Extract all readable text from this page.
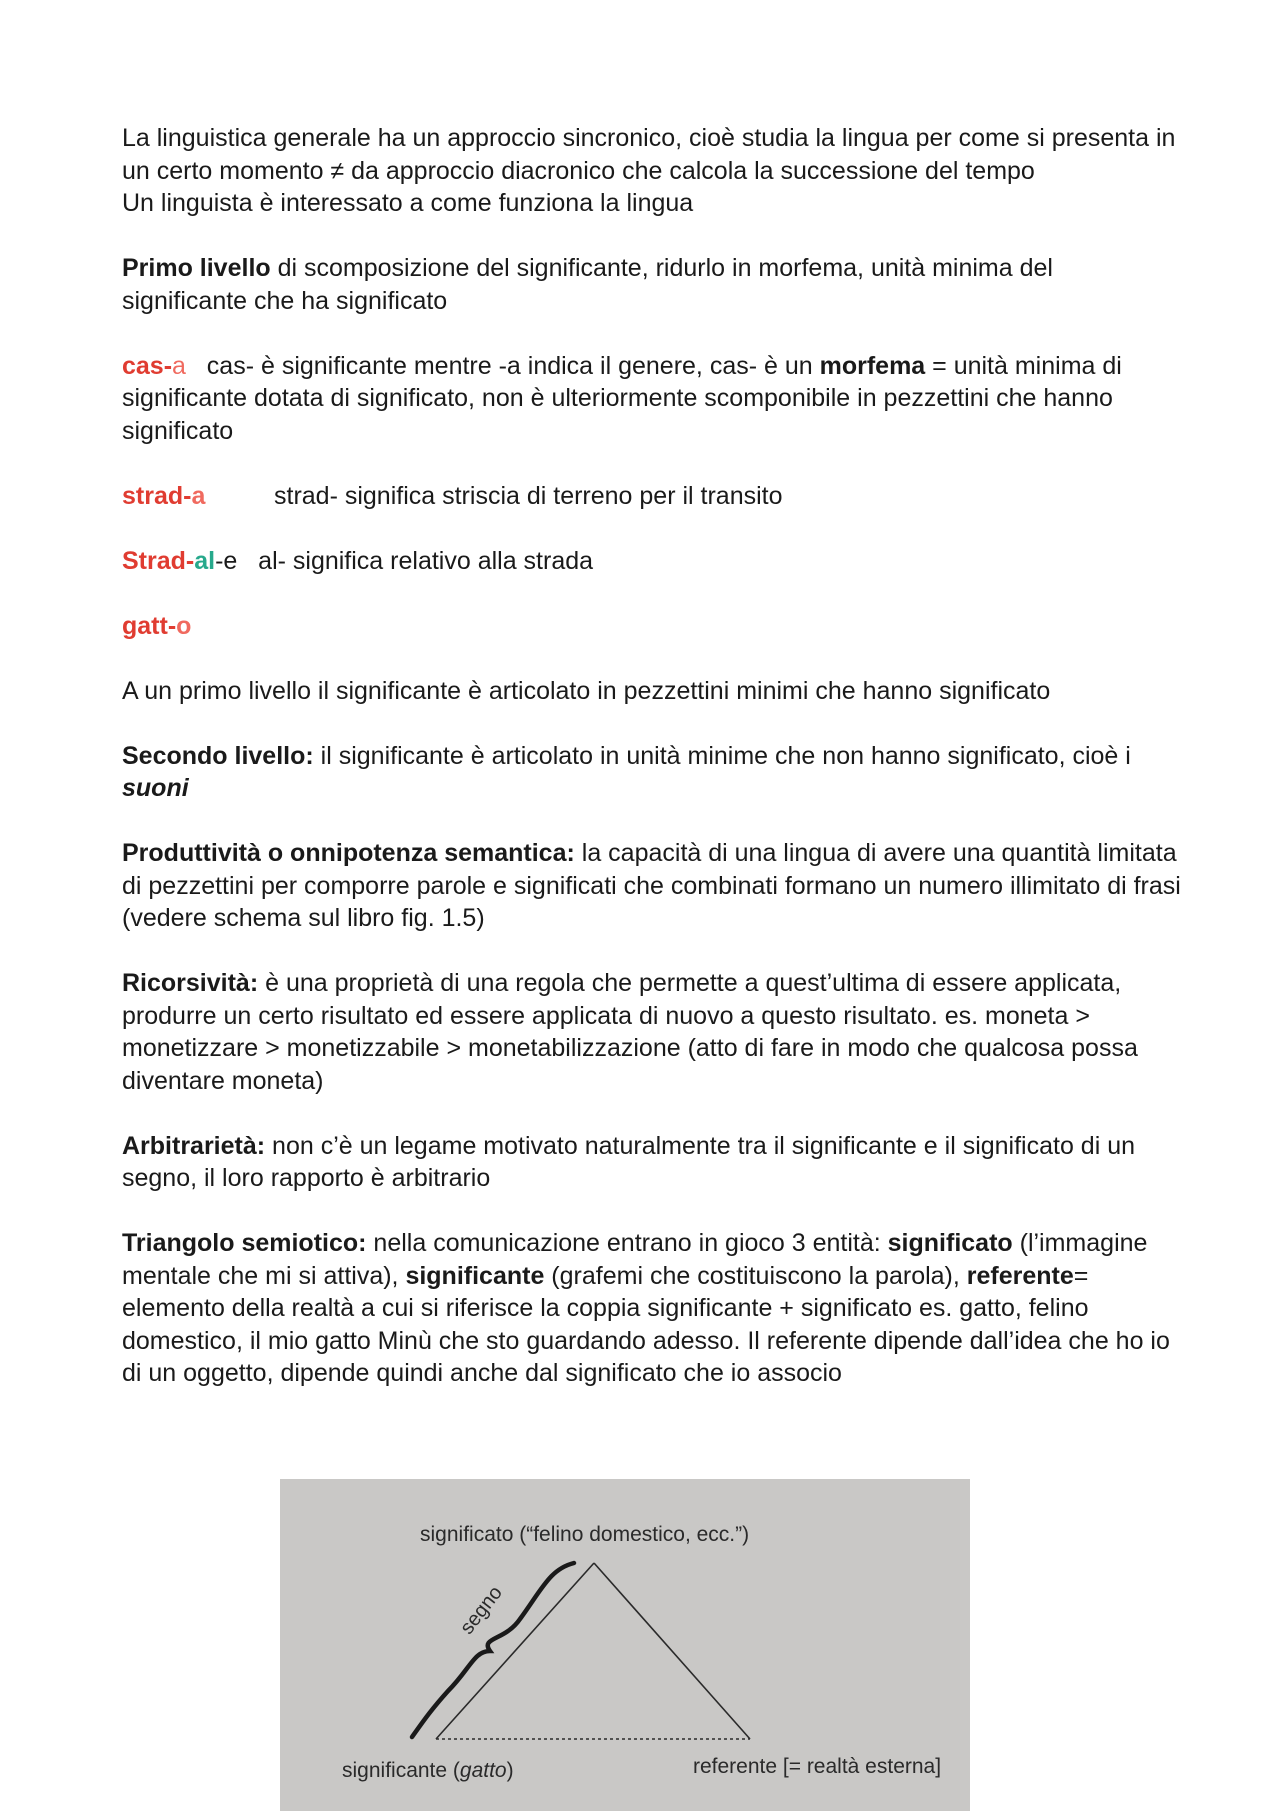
La linguistica generale ha un approccio sincronico, cioè studia la lingua per come si presenta in un certo momento ≠ da approccio diacronico che calcola la successione del tempo
Un linguista è interessato a come funziona la lingua

Primo livello di scomposizione del significante, ridurlo in morfema, unità minima del significante che ha significato

cas-a   cas- è significante mentre -a indica il genere, cas- è un morfema = unità minima di significante dotata di significato, non è ulteriormente scomponibile in pezzettini che hanno significato

strad-a	strad- significa striscia di terreno per il transito

Strad-al-e   al- significa relativo alla strada

gatt-o

A un primo livello il significante è articolato in pezzettini minimi che hanno significato

Secondo livello: il significante è articolato in unità minime che non hanno significato, cioè i suoni

Produttività o onnipotenza semantica: la capacità di una lingua di avere una quantità limitata di pezzettini per comporre parole e significati che combinati formano un numero illimitato di frasi (vedere schema sul libro fig. 1.5)

Ricorsività: è una proprietà di una regola che permette a quest’ultima di essere applicata, produrre un certo risultato ed essere applicata di nuovo a questo risultato. es. moneta > monetizzare > monetizzabile > monetabilizzazione (atto di fare in modo che qualcosa possa diventare moneta)

Arbitrarietà: non c’è un legame motivato naturalmente tra il significante e il significato di un segno, il loro rapporto è arbitrario

Triangolo semiotico: nella comunicazione entrano in gioco 3 entità: significato (l’immagine mentale che mi si attiva), significante (grafemi che costituiscono la parola), referente= elemento della realtà a cui si riferisce la coppia significante + significato es. gatto, felino domestico, il mio gatto Minù che sto guardando adesso. Il referente dipende dall’idea che ho io di un oggetto, dipende quindi anche dal significato che io associo

significato (“felino domestico, ecc.”)
segno
significante (gatto)	referente [= realtà esterna]
